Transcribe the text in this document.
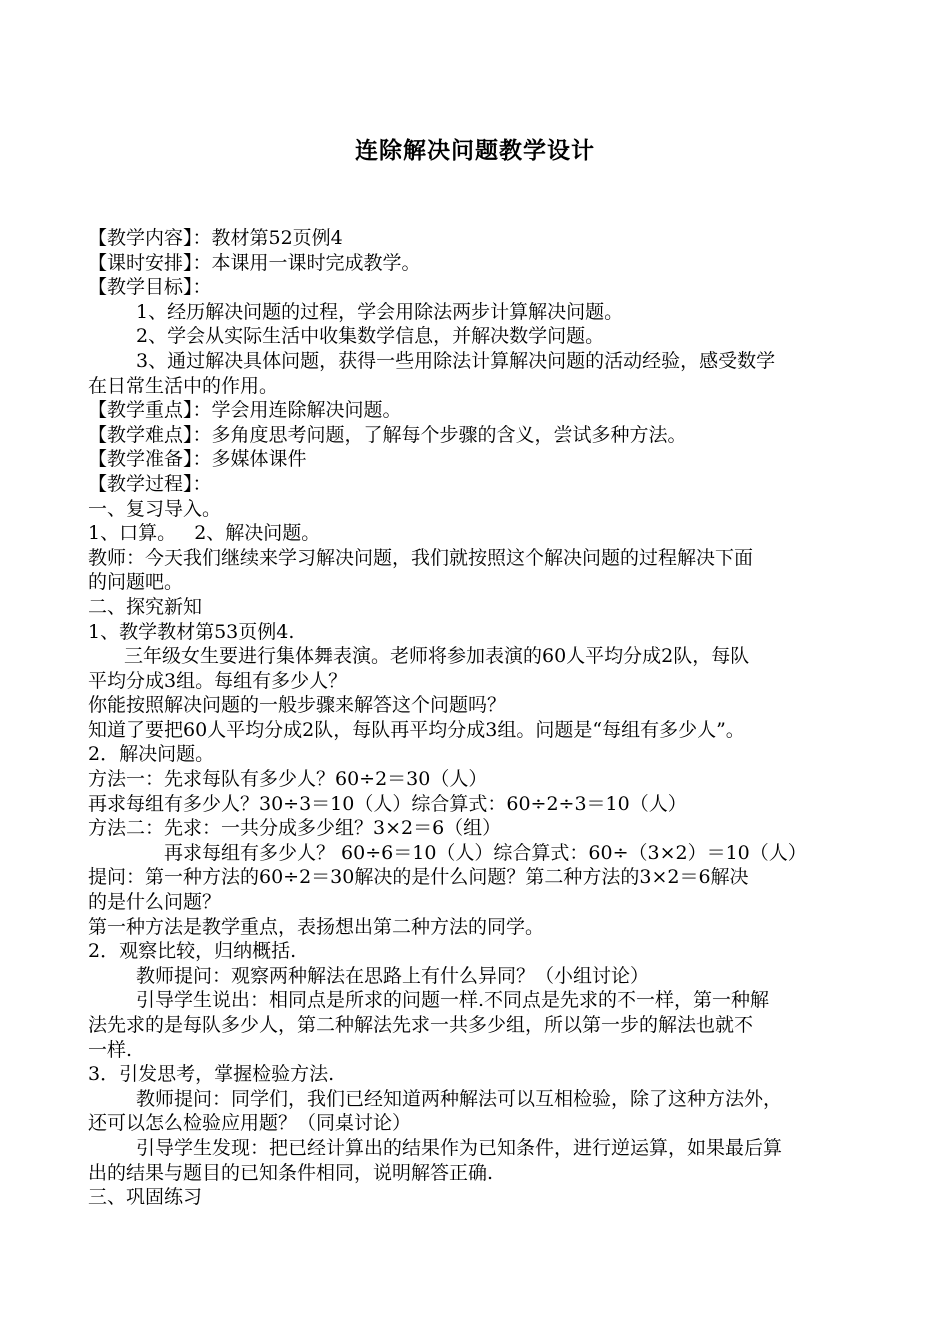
连除解决问题教学设计
【教学内容】：教材第52页例4
【课时安排】：本课用一课时完成教学。
【教学目标】：
1、经历解决问题的过程，学会用除法两步计算解决问题。
2、学会从实际生活中收集数学信息，并解决数学问题。
3、通过解决具体问题，获得一些用除法计算解决问题的活动经验，感受数学
在日常生活中的作用。
【教学重点】：学会用连除解决问题。
【教学难点】：多角度思考问题，了解每个步骤的含义，尝试多种方法。
【教学准备】：多媒体课件
【教学过程】：
一、复习导入。
1、口算。   2、解决问题。
教师：今天我们继续来学习解决问题，我们就按照这个解决问题的过程解决下面
的问题吧。
二、探究新知
1、教学教材第53页例4.
三年级女生要进行集体舞表演。老师将参加表演的60人平均分成2队，每队
平均分成3组。每组有多少人？
你能按照解决问题的一般步骤来解答这个问题吗？
知道了要把60人平均分成2队，每队再平均分成3组。问题是“每组有多少人”。
2．解决问题。
方法一：先求每队有多少人？60÷2＝30（人）
再求每组有多少人？30÷3＝10（人）综合算式：60÷2÷3＝10（人）
方法二：先求：一共分成多少组？3×2＝6（组）
再求每组有多少人？ 60÷6＝10（人）综合算式：60÷（3×2）＝10（人）
提问：第一种方法的60÷2＝30解决的是什么问题？第二种方法的3×2＝6解决
的是什么问题？
第一种方法是教学重点，表扬想出第二种方法的同学。
2．观察比较，归纳概括.
教师提问：观察两种解法在思路上有什么异同？（小组讨论）
引导学生说出：相同点是所求的问题一样.不同点是先求的不一样，第一种解
法先求的是每队多少人，第二种解法先求一共多少组，所以第一步的解法也就不
一样.
3．引发思考，掌握检验方法.
教师提问：同学们，我们已经知道两种解法可以互相检验，除了这种方法外，
还可以怎么检验应用题？（同桌讨论）
引导学生发现：把已经计算出的结果作为已知条件，进行逆运算，如果最后算
出的结果与题目的已知条件相同，说明解答正确.
三、巩固练习
